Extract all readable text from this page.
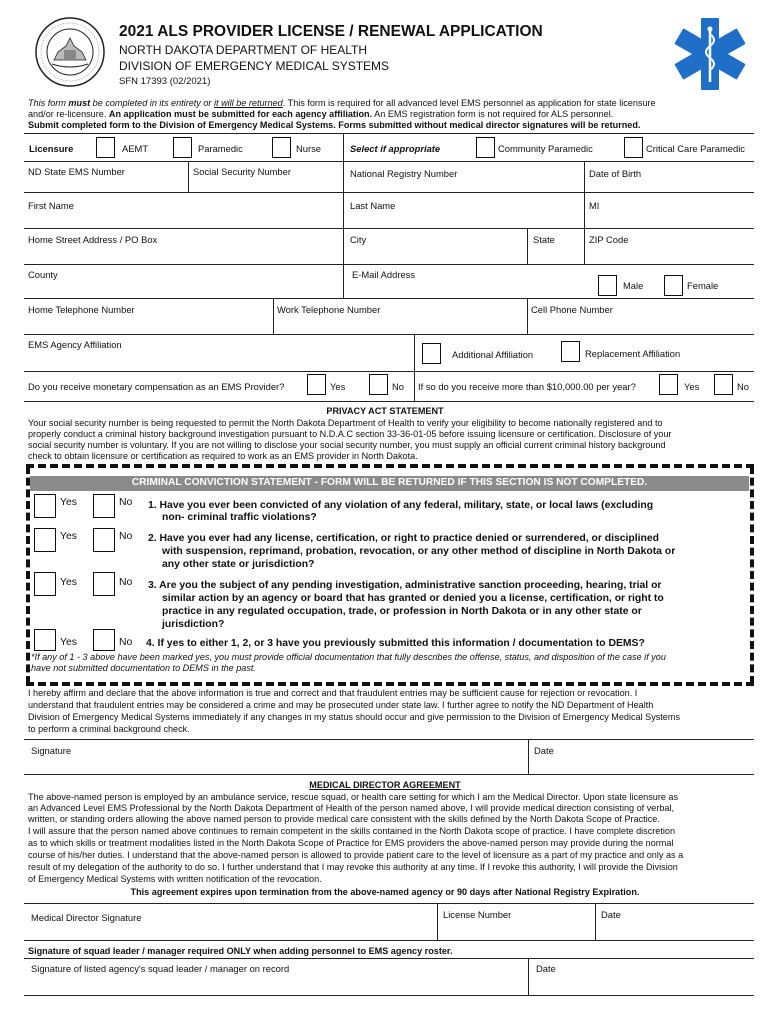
2021 ALS PROVIDER LICENSE / RENEWAL APPLICATION
NORTH DAKOTA DEPARTMENT OF HEALTH
DIVISION OF EMERGENCY MEDICAL SYSTEMS
SFN 17393 (02/2021)
This form must be completed in its entirety or it will be returned. This form is required for all advanced level EMS personnel as application for state licensure
and/or re-licensure. An application must be submitted for each agency affiliation. An EMS registration form is not required for ALS personnel.
Submit completed form to the Division of Emergency Medical Systems. Forms submitted without medical director signatures will be returned.
Licensure	AEMT	Paramedic	Nurse	Select if appropriate	Community Paramedic	Critical Care Paramedic
ND State EMS Number	Social Security Number	National Registry Number	Date of Birth
First Name	Last Name	MI
Home Street Address / PO Box	City	State	ZIP Code
County	E-Mail Address
Male	Female
Home Telephone Number	Work Telephone Number	Cell Phone Number
EMS Agency Affiliation
Additional Affiliation	Replacement Affiliation
Do you receive monetary compensation as an EMS Provider?	Yes	No If so do you receive more than $10,000.00 per year?	Yes	No
PRIVACY ACT STATEMENT
Your social security number is being requested to permit the North Dakota Department of Health to verify your eligibility to become nationally registered and to
properly conduct a criminal history background investigation pursuant to N.D.A.C section 33-36-01-05 before issuing licensure or certification. Disclosure of your
social security number is voluntary. If you are not willing to disclose your social security number, you must supply an official current criminal history background
check to obtain licensure or certification as required to work as an EMS provider in North Dakota.
CRIMINAL CONVICTION STATEMENT - FORM WILL BE RETURNED IF THIS SECTION IS NOT COMPLETED.
Yes	No 1. Have you ever been convicted of any violation of any federal, military, state, or local laws (excluding
non- criminal traffic violations?
Yes	No 2. Have you ever had any license, certification, or right to practice denied or surrendered, or disciplined
with suspension, reprimand, probation, revocation, or any other method of discipline in North Dakota or
any other state or jurisdiction?
Yes	No 3. Are you the subject of any pending investigation, administrative sanction proceeding, hearing, trial or
similar action by an agency or board that has granted or denied you a license, certification, or right to
practice in any regulated occupation, trade, or profession in North Dakota or in any other state or
jurisdiction?
Yes	No 4. If yes to either 1, 2, or 3 have you previously submitted this information / documentation to DEMS?
*If any of 1 - 3 above have been marked yes, you must provide official documentation that fully describes the offense, status, and disposition of the case if you
have not submitted documentation to DEMS in the past.
I hereby affirm and declare that the above information is true and correct and that fraudulent entries may be sufficient cause for rejection or revocation. I
understand that fraudulent entries may be considered a crime and may be prosecuted under state law. I further agree to notify the ND Department of Health
Division of Emergency Medical Systems immediately if any changes in my status should occur and give permission to the Division of Emergency Medical Systems
to perform a criminal background check.
Signature	Date
MEDICAL DIRECTOR AGREEMENT
The above-named person is employed by an ambulance service, rescue squad, or health care setting for which I am the Medical Director. Upon state licensure as
an Advanced Level EMS Professional by the North Dakota Department of Health of the person named above, I will provide medical direction consisting of verbal,
written, or standing orders allowing the above named person to provide medical care consistent with the skills defined by the North Dakota Scope of Practice.
I will assure that the person named above continues to remain competent in the skills contained in the North Dakota scope of practice. I have complete discretion
as to which skills or treatment modalities listed in the North Dakota Scope of Practice for EMS providers the above-named person may provide during the normal
course of his/her duties. I understand that the above-named person is allowed to provide patient care to the level of licensure as a part of my practice and only as a
result of my delegation of the authority to do so. I further understand that I may revoke this authority at any time. If I revoke this authority, I will provide the Division
of Emergency Medical Systems with written notification of the revocation.
This agreement expires upon termination from the above-named agency or 90 days after National Registry Expiration.
Medical Director Signature	License Number	Date
Signature of squad leader / manager required ONLY when adding personnel to EMS agency roster.
Signature of listed agency's squad leader / manager on record	Date
